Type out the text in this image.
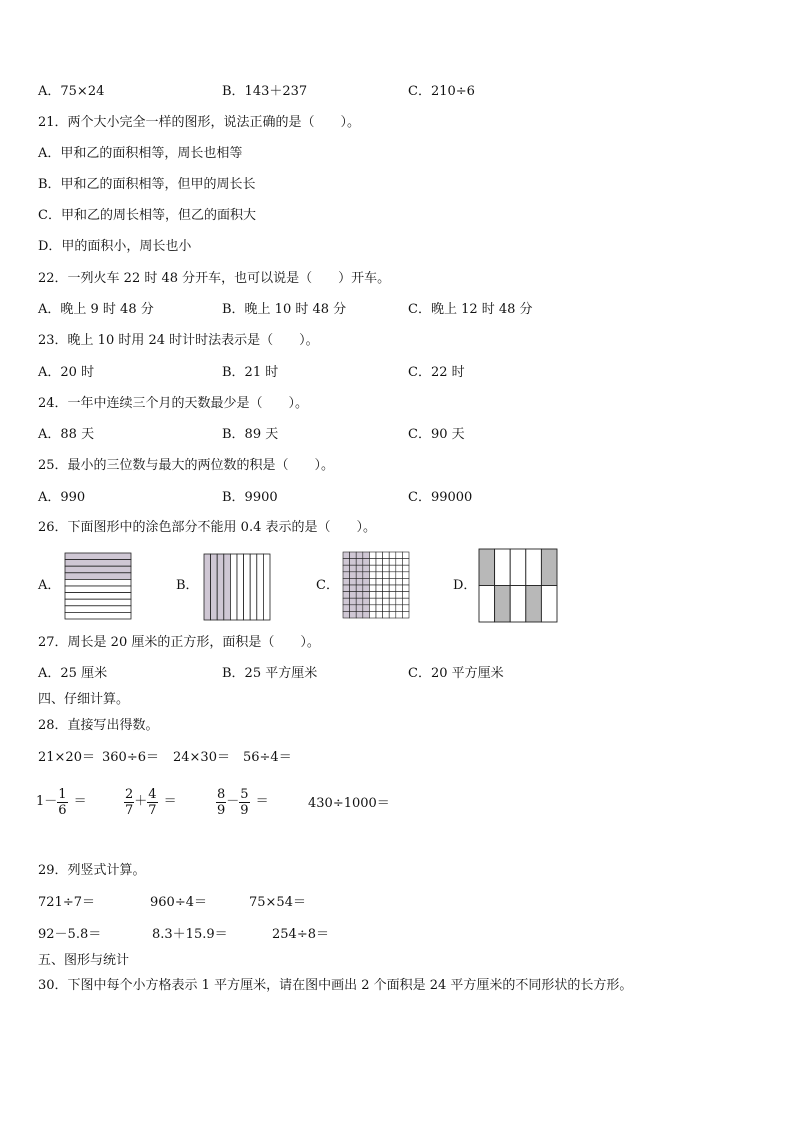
A．75×24	B．143＋237	C．210÷6
21．两个大小完全一样的图形，说法正确的是（　　）。
A．甲和乙的面积相等，周长也相等
B．甲和乙的面积相等，但甲的周长长
C．甲和乙的周长相等，但乙的面积大
D．甲的面积小，周长也小
22．一列火车 22 时 48 分开车，也可以说是（　　）开车。
A．晚上 9 时 48 分	B．晚上 10 时 48 分	C．晚上 12 时 48 分
23．晚上 10 时用 24 时计时法表示是（　　）。
A．20 时	B．21 时	C．22 时
24．一年中连续三个月的天数最少是（　　）。
A．88 天	B．89 天	C．90 天
25．最小的三位数与最大的两位数的积是（　　）。
A．990	B．9900	C．99000
26．下面图形中的涂色部分不能用 0.4 表示的是（　　）。
A．	B．	C．	D．
27．周长是 20 厘米的正方形，面积是（　　）。
A．25 厘米	B．25 平方厘米	C．20 平方厘米
四、仔细计算。
28．直接写出得数。
21×20＝ 360÷6＝ 24×30＝ 56÷4＝
$1- \frac{1}{6}$ ＝	$\frac{2}{7} + \frac{4}{7}$ ＝	$\frac{8}{9} - \frac{5}{9}$ ＝	430÷1000＝
29．列竖式计算。
721÷7＝	960÷4＝	75×54＝
92－5.8＝	8.3＋15.9＝	254÷8＝
五、图形与统计
30．下图中每个小方格表示 1 平方厘米，请在图中画出 2 个面积是 24 平方厘米的不同形状的长方形。
